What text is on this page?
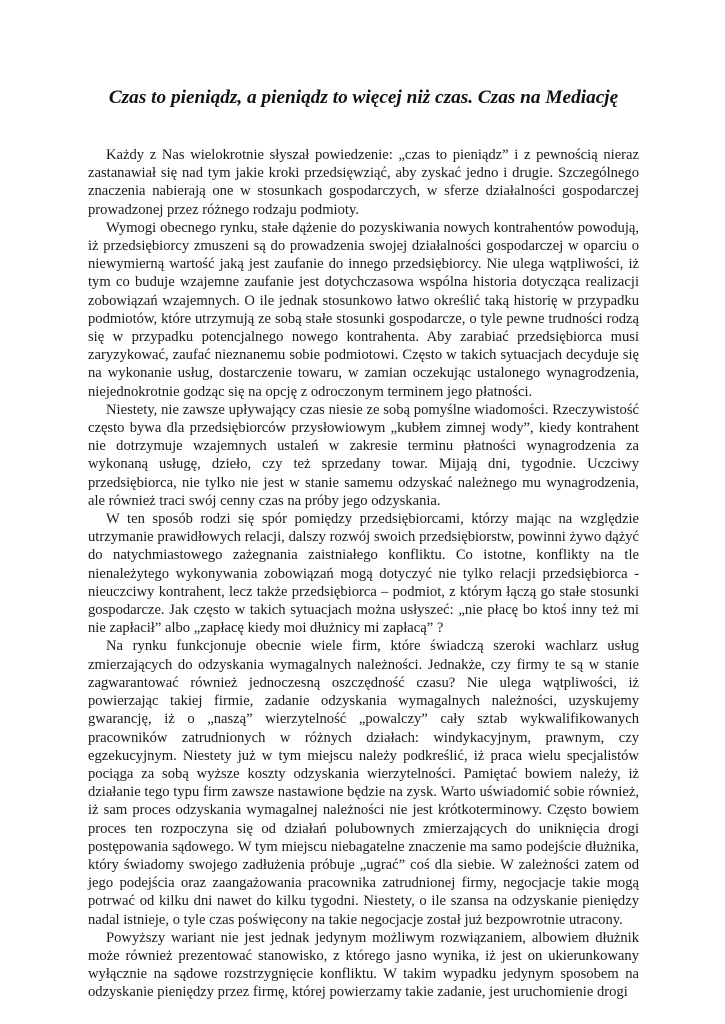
Czas to pieniądz, a pieniądz to więcej niż czas. Czas na Mediację

Każdy z Nas wielokrotnie słyszał powiedzenie: „czas to pieniądz” i z pewnością nieraz zastanawiał się nad tym jakie kroki przedsięwziąć, aby zyskać jedno i drugie. Szczególnego znaczenia nabierają one w stosunkach gospodarczych, w sferze działalności gospodarczej prowadzonej przez różnego rodzaju podmioty.

Wymogi obecnego rynku, stałe dążenie do pozyskiwania nowych kontrahentów powodują, iż przedsiębiorcy zmuszeni są do prowadzenia swojej działalności gospodarczej w oparciu o niewymierną wartość jaką jest zaufanie do innego przedsiębiorcy. Nie ulega wątpliwości, iż tym co buduje wzajemne zaufanie jest dotychczasowa wspólna historia dotycząca realizacji zobowiązań wzajemnych. O ile jednak stosunkowo łatwo określić taką historię w przypadku podmiotów, które utrzymują ze sobą stałe stosunki gospodarcze, o tyle pewne trudności rodzą się w przypadku potencjalnego nowego kontrahenta. Aby zarabiać przedsiębiorca musi zaryzykować, zaufać nieznanemu sobie podmiotowi. Często w takich sytuacjach decyduje się na wykonanie usług, dostarczenie towaru, w zamian oczekując ustalonego wynagrodzenia, niejednokrotnie godząc się na opcję z odroczonym terminem jego płatności.

Niestety, nie zawsze upływający czas niesie ze sobą pomyślne wiadomości. Rzeczywistość często bywa dla przedsiębiorców przysłowiowym „kubłem zimnej wody”, kiedy kontrahent nie dotrzymuje wzajemnych ustaleń w zakresie terminu płatności wynagrodzenia za wykonaną usługę, dzieło, czy też sprzedany towar. Mijają dni, tygodnie. Uczciwy przedsiębiorca, nie tylko nie jest w stanie samemu odzyskać należnego mu wynagrodzenia, ale również traci swój cenny czas na próby jego odzyskania.

W ten sposób rodzi się spór pomiędzy przedsiębiorcami, którzy mając na względzie utrzymanie prawidłowych relacji, dalszy rozwój swoich przedsiębiorstw, powinni żywo dążyć do natychmiastowego zażegnania zaistniałego konfliktu. Co istotne, konflikty na tle nienależytego wykonywania zobowiązań mogą dotyczyć nie tylko relacji przedsiębiorca - nieuczciwy kontrahent, lecz także przedsiębiorca – podmiot, z którym łączą go stałe stosunki gospodarcze. Jak często w takich sytuacjach można usłyszeć: „nie płacę bo ktoś inny też mi nie zapłacił” albo „zapłacę kiedy moi dłużnicy mi zapłacą” ?

Na rynku funkcjonuje obecnie wiele firm, które świadczą szeroki wachlarz usług zmierzających do odzyskania wymagalnych należności. Jednakże, czy firmy te są w stanie zagwarantować również jednoczesną oszczędność czasu? Nie ulega wątpliwości, iż powierzając takiej firmie, zadanie odzyskania wymagalnych należności, uzyskujemy gwarancję, iż o „naszą” wierzytelność „powalczy” cały sztab wykwalifikowanych pracowników zatrudnionych w różnych działach: windykacyjnym, prawnym, czy egzekucyjnym. Niestety już w tym miejscu należy podkreślić, iż praca wielu specjalistów pociąga za sobą wyższe koszty odzyskania wierzytelności. Pamiętać bowiem należy, iż działanie tego typu firm zawsze nastawione będzie na zysk. Warto uświadomić sobie również, iż sam proces odzyskania wymagalnej należności nie jest krótkoterminowy. Często bowiem proces ten rozpoczyna się od działań polubownych zmierzających do uniknięcia drogi postępowania sądowego. W tym miejscu niebagatelne znaczenie ma samo podejście dłużnika, który świadomy swojego zadłużenia próbuje „ugrać” coś dla siebie. W zależności zatem od jego podejścia oraz zaangażowania pracownika zatrudnionej firmy, negocjacje takie mogą potrwać od kilku dni nawet do kilku tygodni. Niestety, o ile szansa na odzyskanie pieniędzy nadal istnieje, o tyle czas poświęcony na takie negocjacje został już bezpowrotnie utracony.

Powyższy wariant nie jest jednak jedynym możliwym rozwiązaniem, albowiem dłużnik może również prezentować stanowisko, z którego jasno wynika, iż jest on ukierunkowany wyłącznie na sądowe rozstrzygnięcie konfliktu. W takim wypadku jedynym sposobem na odzyskanie pieniędzy przez firmę, której powierzamy takie zadanie, jest uruchomienie drogi
